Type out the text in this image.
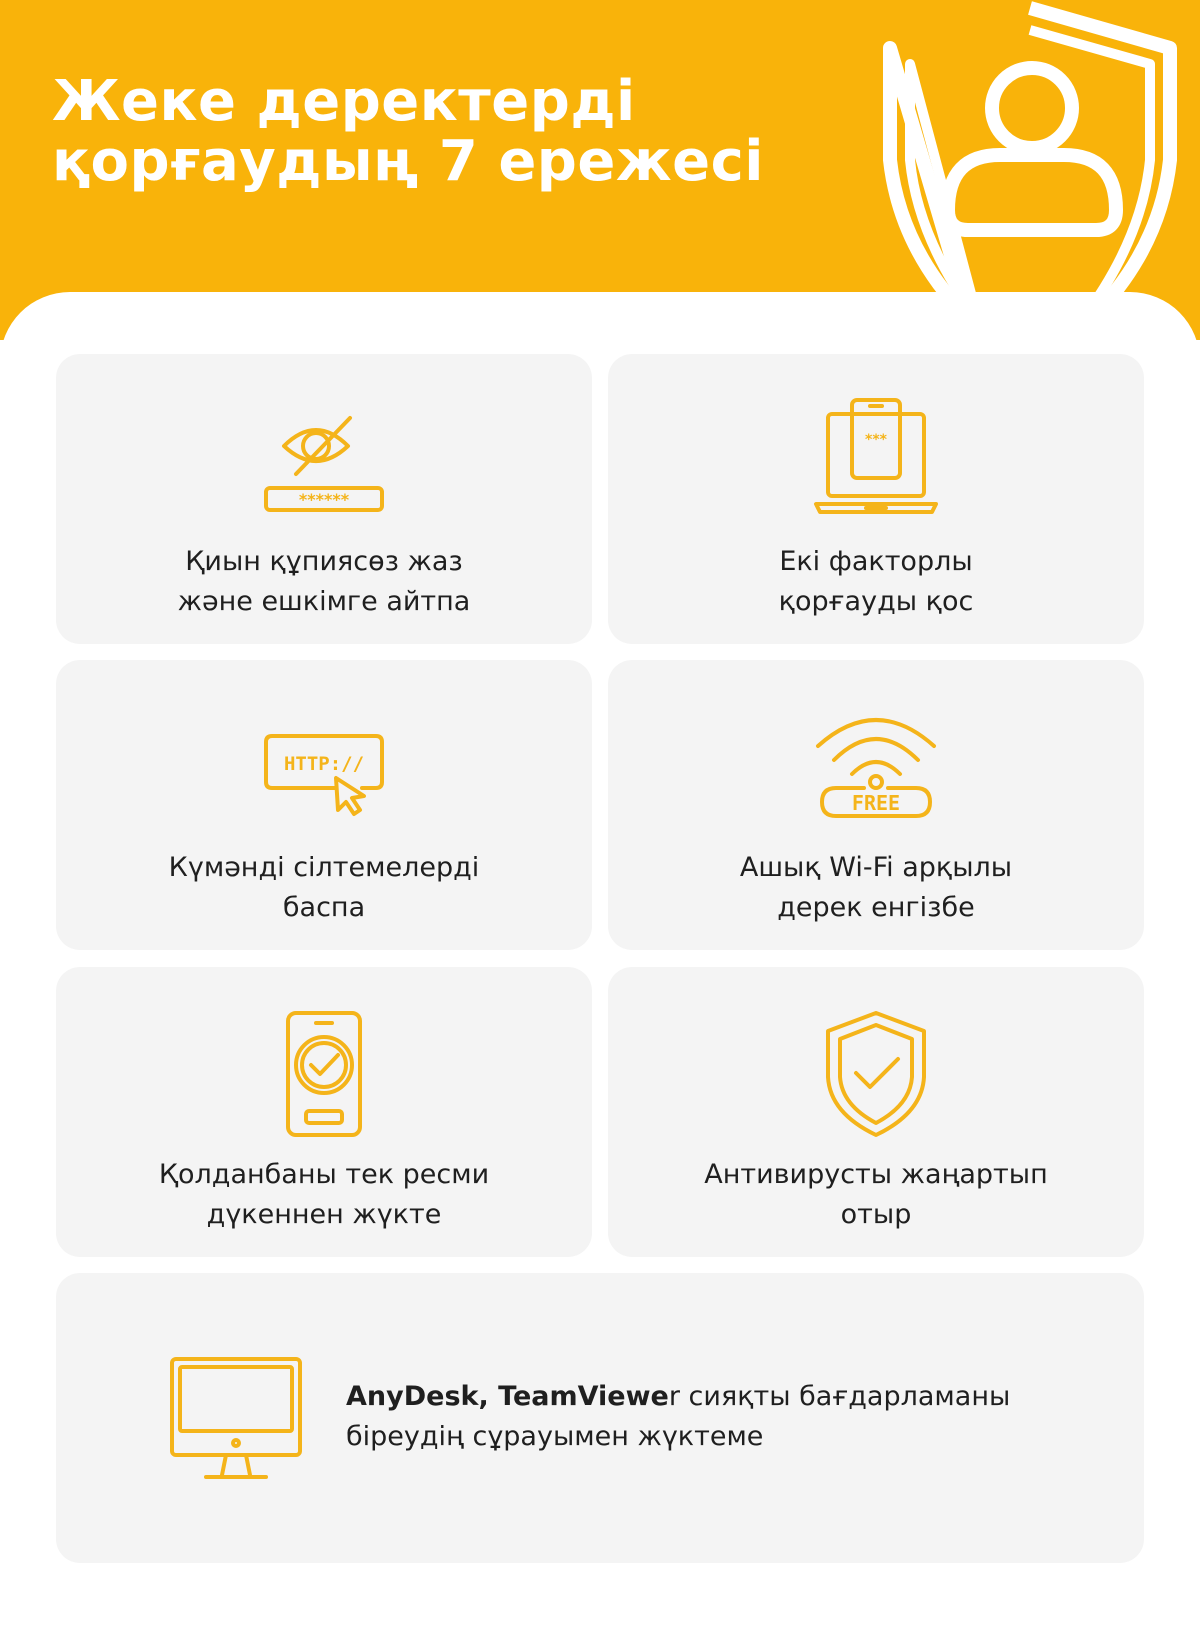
Жеке деректерді
қорғаудың 7 ережесі
******
Қиын құпиясөз жаз
және ешкімге айтпа
***
Екі факторлы
қорғауды қос
HTTP://
Күмәнді сілтемелерді
баспа
FREE
Ашық Wi-Fi арқылы
дерек енгізбе
Қолданбаны тек ресми
дүкеннен жүкте
Антивирусты жаңартып
отыр
AnyDesk, TeamViewer сияқты бағдарламаны
біреудің сұрауымен жүктеме
